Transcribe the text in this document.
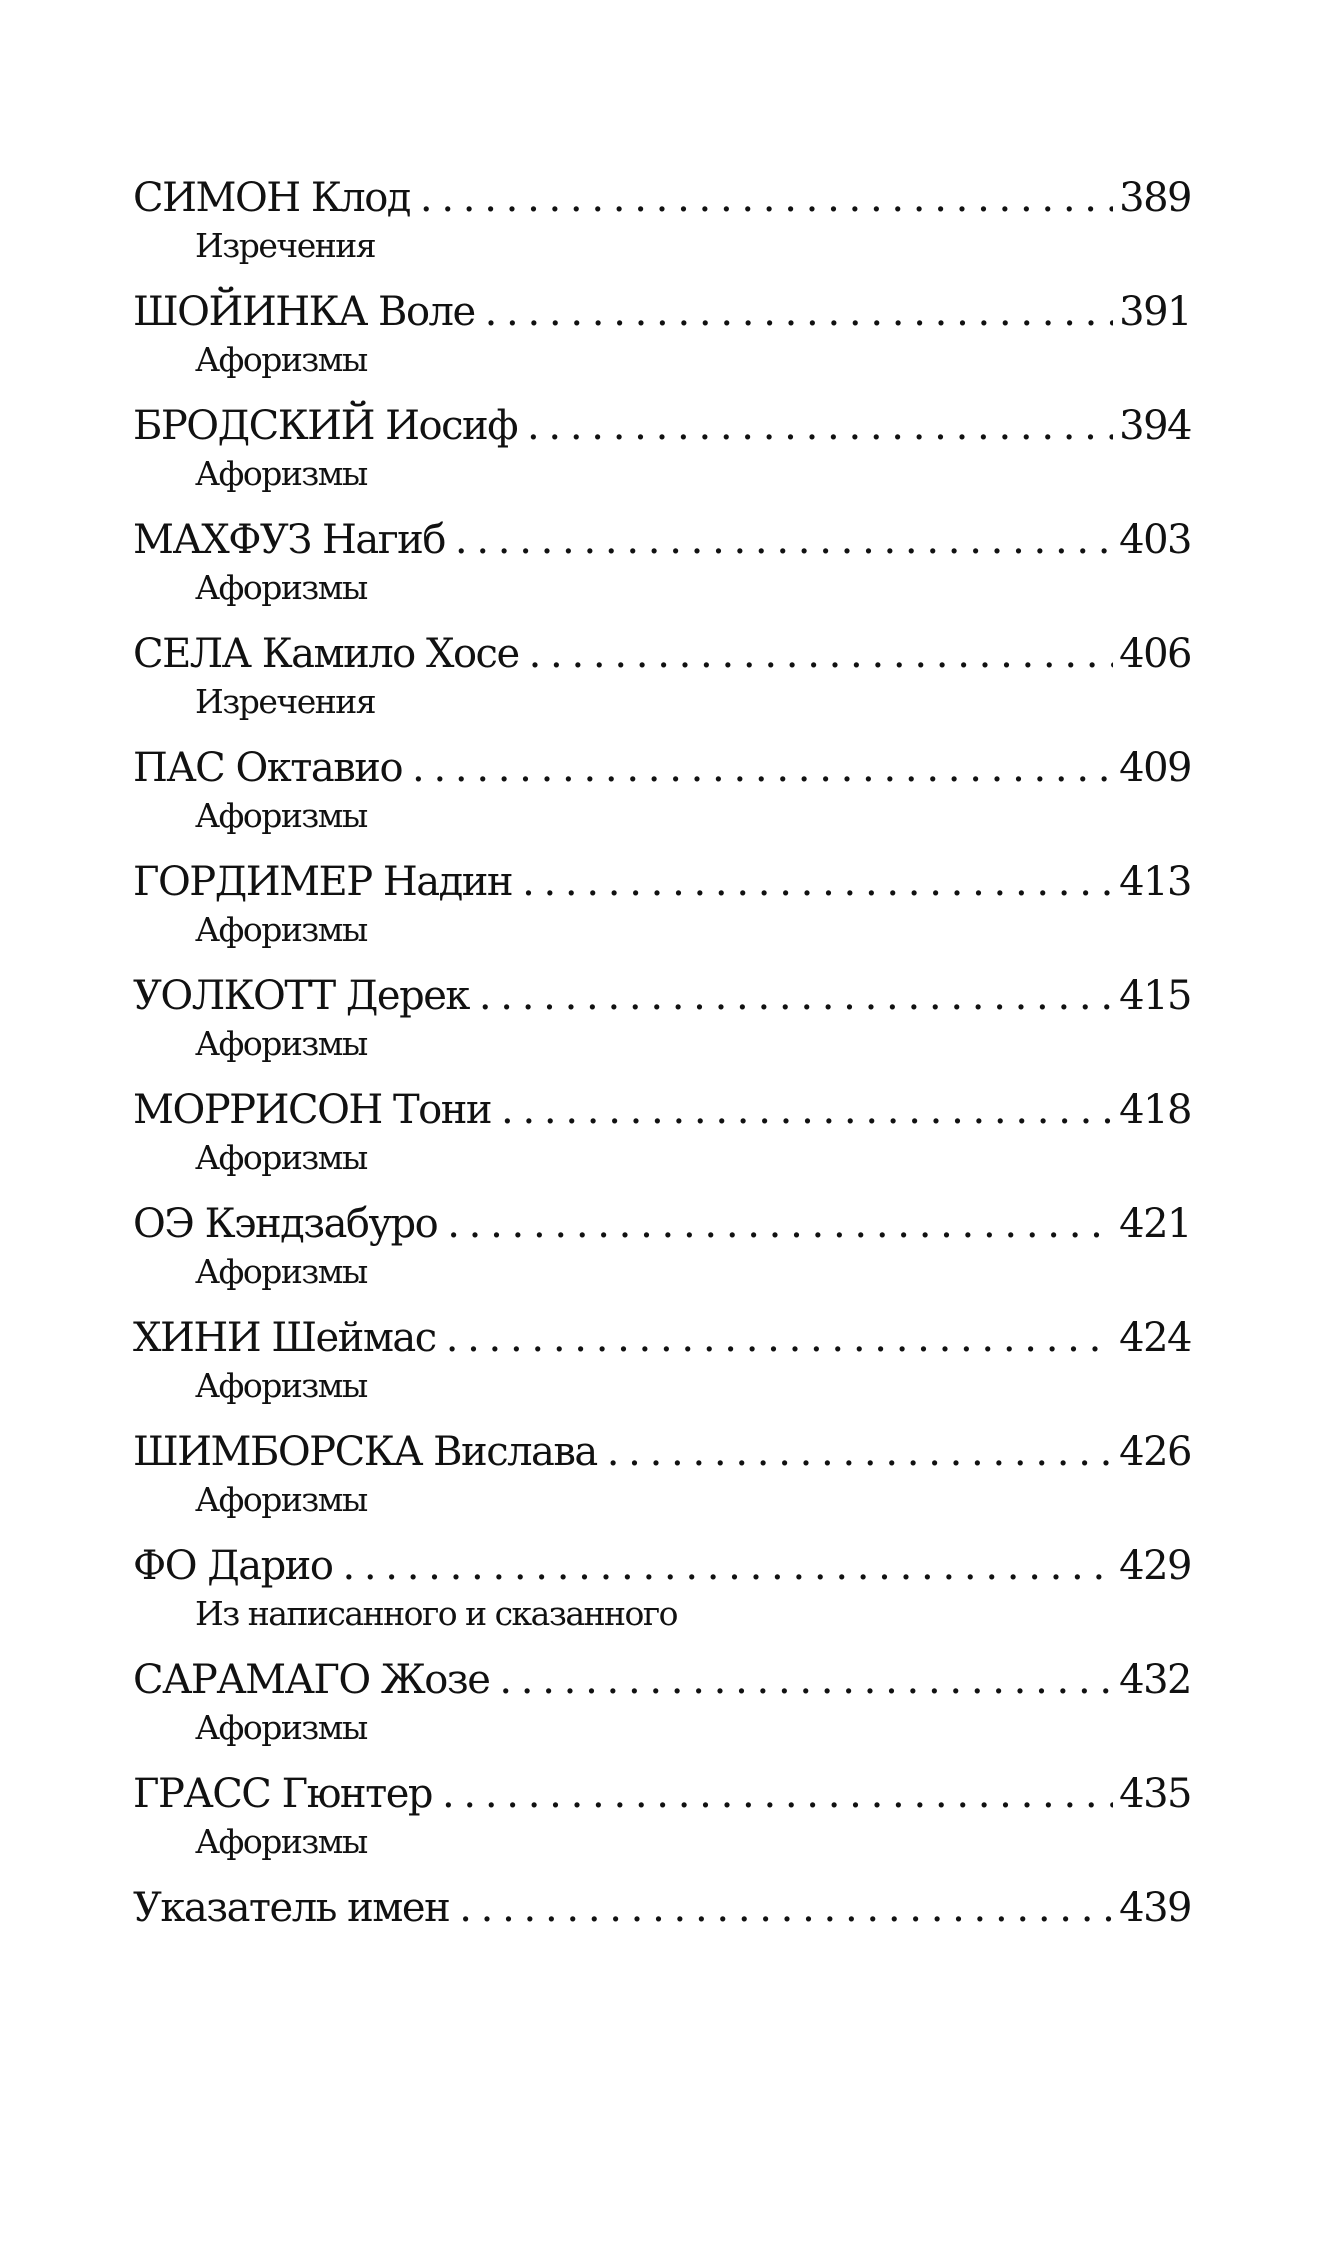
СИМОН Клод . . .	389
Изречения
ШОЙИНКА Воле . . .	391
Афоризмы
БРОДСКИЙ Иосиф . . .	394
Афоризмы
МАХФУЗ Нагиб . . .	403
Афоризмы
СЕЛА Камило Хосе . . .	406
Изречения
ПАС Октавио . . .	409
Афоризмы
ГОРДИМЕР Надин . . .	413
Афоризмы
УОЛКОТТ Дерек . . .	415
Афоризмы
МОРРИСОН Тони . . .	418
Афоризмы
ОЭ Кэндзабуро . . .	421
Афоризмы
ХИНИ Шеймас . . .	424
Афоризмы
ШИМБОРСКА Вислава . . .	426
Афоризмы
ФО Дарио . . .	429
Из написанного и сказанного
САРАМАГО Жозе . . .	432
Афоризмы
ГРАСС Гюнтер . . .	435
Афоризмы
Указатель имен . . .	439
